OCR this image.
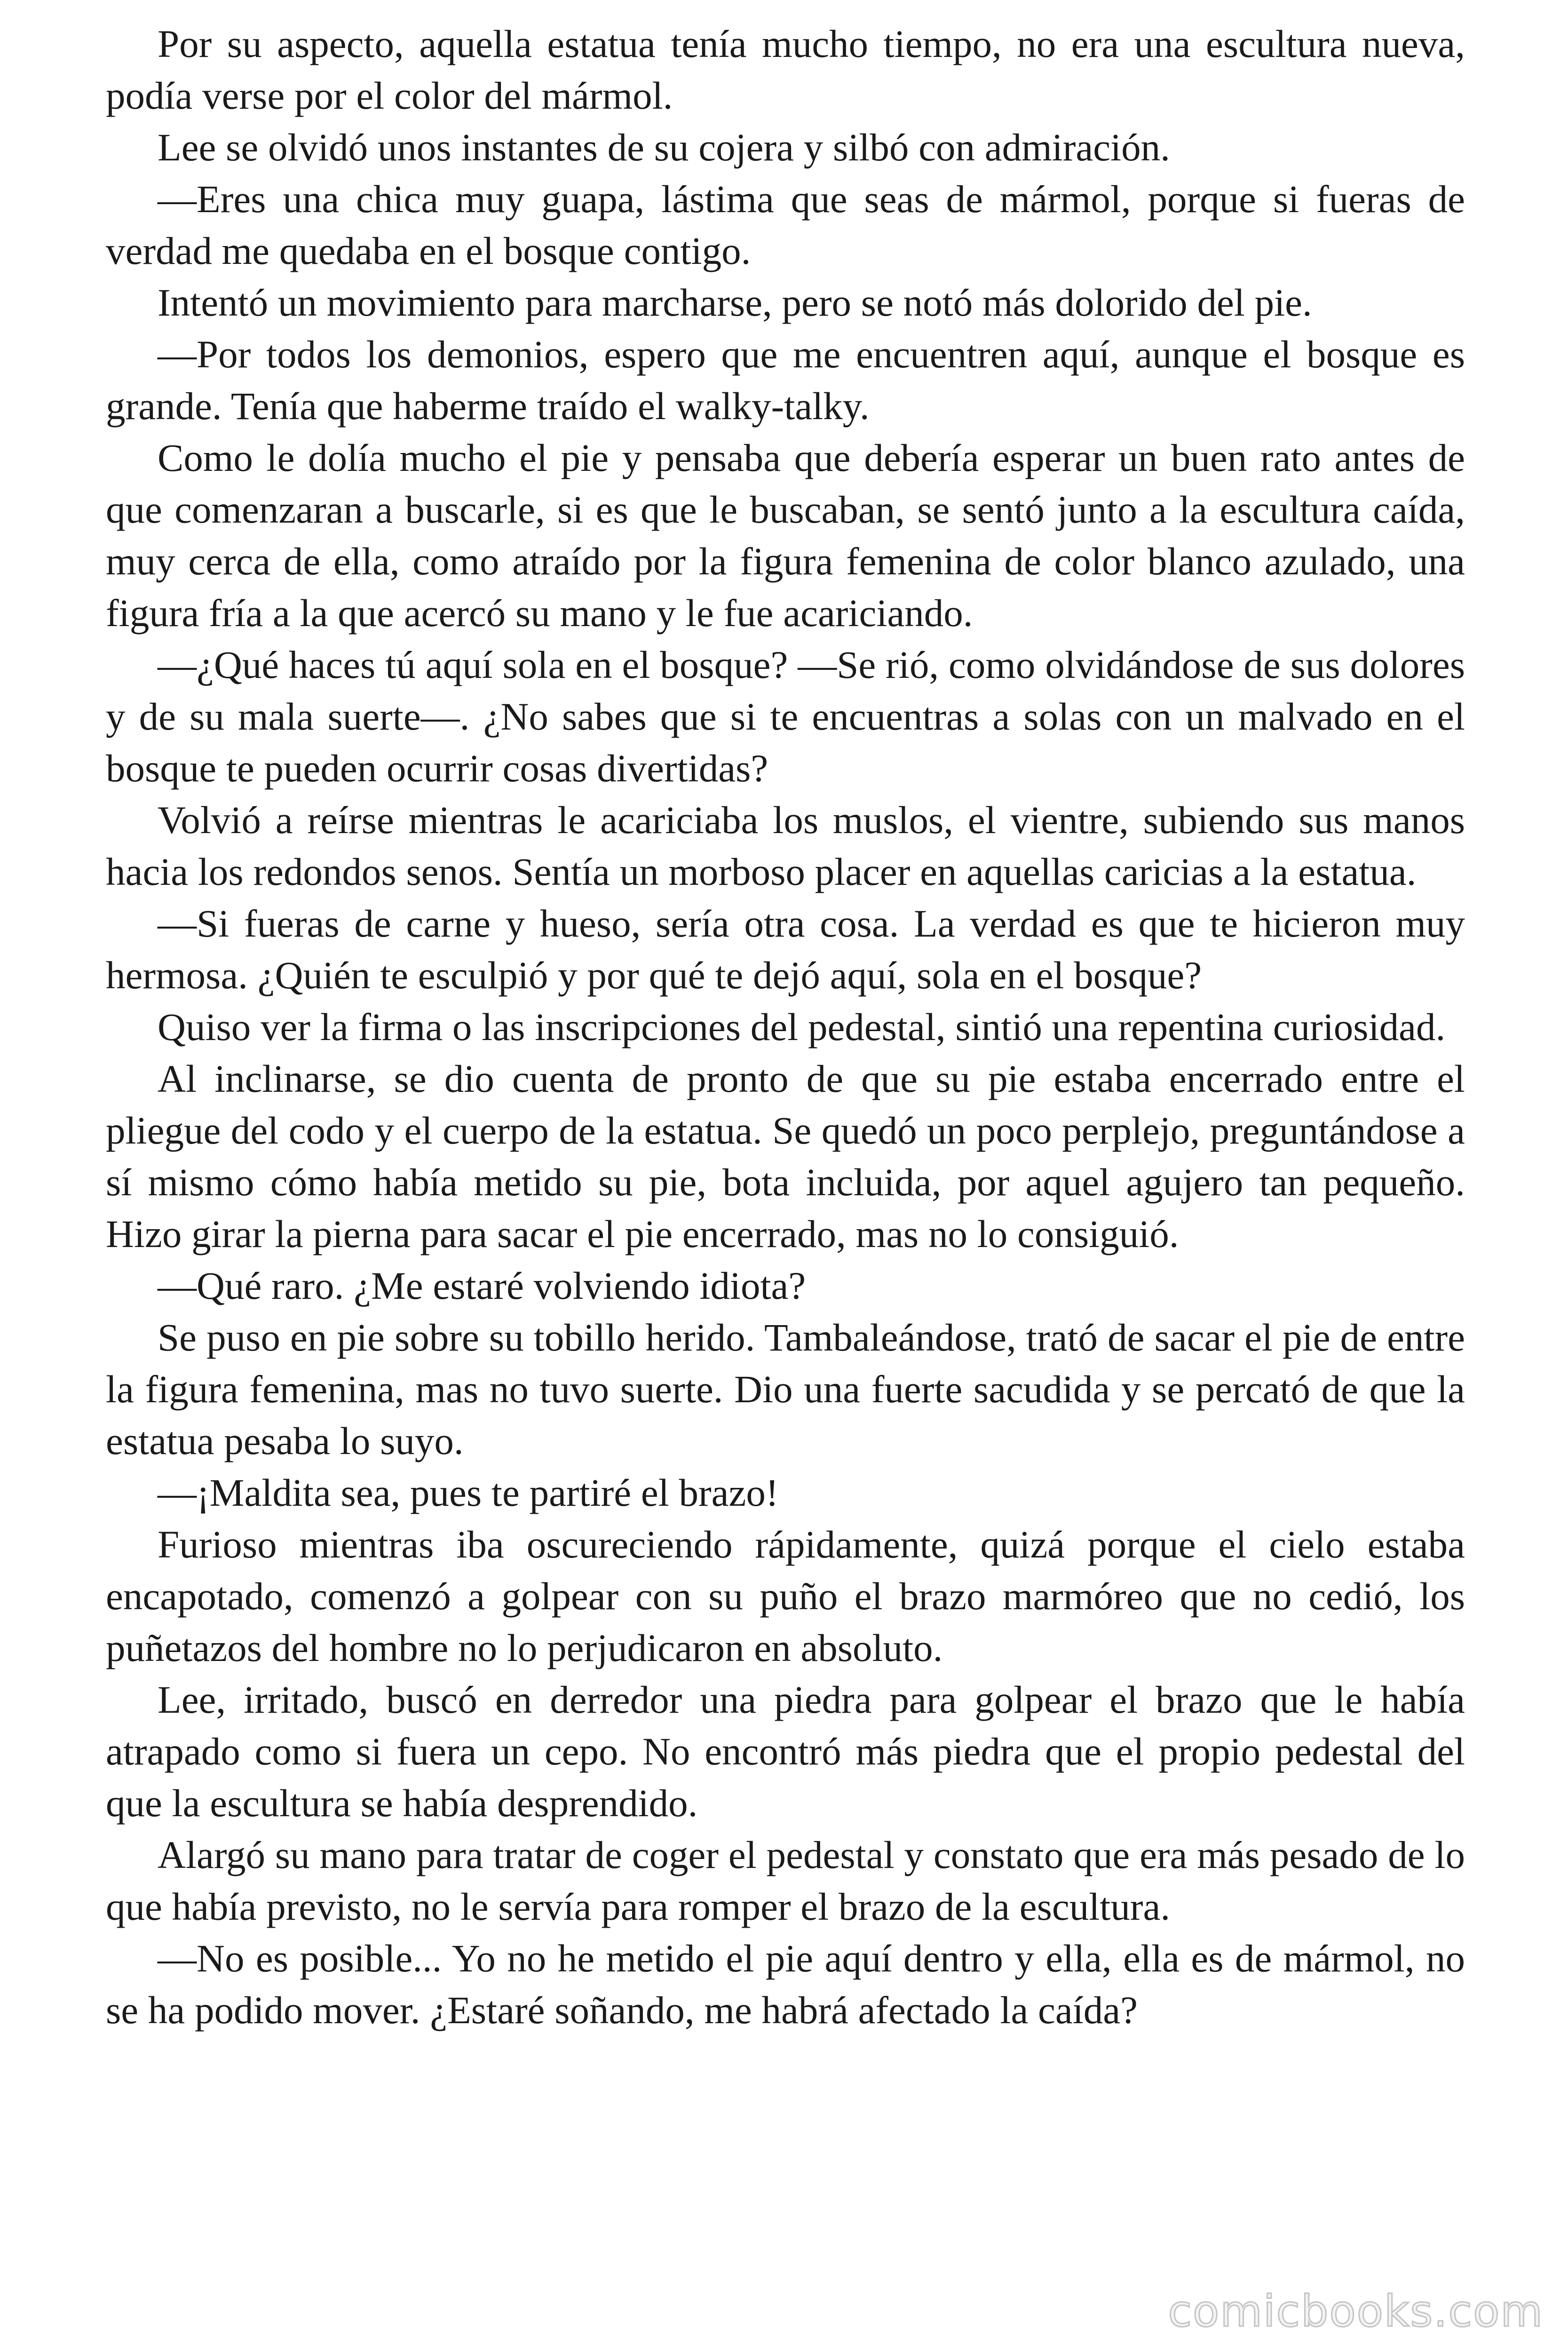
Por su aspecto, aquella estatua tenía mucho tiempo, no era una escultura nueva, podía verse por el color del mármol.

Lee se olvidó unos instantes de su cojera y silbó con admiración.

—Eres una chica muy guapa, lástima que seas de mármol, porque si fueras de verdad me quedaba en el bosque contigo.

Intentó un movimiento para marcharse, pero se notó más dolorido del pie.

—Por todos los demonios, espero que me encuentren aquí, aunque el bosque es grande. Tenía que haberme traído el walky-talky.

Como le dolía mucho el pie y pensaba que debería esperar un buen rato antes de que comenzaran a buscarle, si es que le buscaban, se sentó junto a la escultura caída, muy cerca de ella, como atraído por la figura femenina de color blanco azulado, una figura fría a la que acercó su mano y le fue acariciando.

—¿Qué haces tú aquí sola en el bosque? —Se rió, como olvidándose de sus dolores y de su mala suerte—. ¿No sabes que si te encuentras a solas con un malvado en el bosque te pueden ocurrir cosas divertidas?

Volvió a reírse mientras le acariciaba los muslos, el vientre, subiendo sus manos hacia los redondos senos. Sentía un morboso placer en aquellas caricias a la estatua.

—Si fueras de carne y hueso, sería otra cosa. La verdad es que te hicieron muy hermosa. ¿Quién te esculpió y por qué te dejó aquí, sola en el bosque?

Quiso ver la firma o las inscripciones del pedestal, sintió una repentina curiosidad.

Al inclinarse, se dio cuenta de pronto de que su pie estaba encerrado entre el pliegue del codo y el cuerpo de la estatua. Se quedó un poco perplejo, preguntándose a sí mismo cómo había metido su pie, bota incluida, por aquel agujero tan pequeño. Hizo girar la pierna para sacar el pie encerrado, mas no lo consiguió.

—Qué raro. ¿Me estaré volviendo idiota?

Se puso en pie sobre su tobillo herido. Tambaleándose, trató de sacar el pie de entre la figura femenina, mas no tuvo suerte. Dio una fuerte sacudida y se percató de que la estatua pesaba lo suyo.

—¡Maldita sea, pues te partiré el brazo!

Furioso mientras iba oscureciendo rápidamente, quizá porque el cielo estaba encapotado, comenzó a golpear con su puño el brazo marmóreo que no cedió, los puñetazos del hombre no lo perjudicaron en absoluto.

Lee, irritado, buscó en derredor una piedra para golpear el brazo que le había atrapado como si fuera un cepo. No encontró más piedra que el propio pedestal del que la escultura se había desprendido.

Alargó su mano para tratar de coger el pedestal y constato que era más pesado de lo que había previsto, no le servía para romper el brazo de la escultura.

—No es posible... Yo no he metido el pie aquí dentro y ella, ella es de mármol, no se ha podido mover. ¿Estaré soñando, me habrá afectado la caída?

comicbooks.com
